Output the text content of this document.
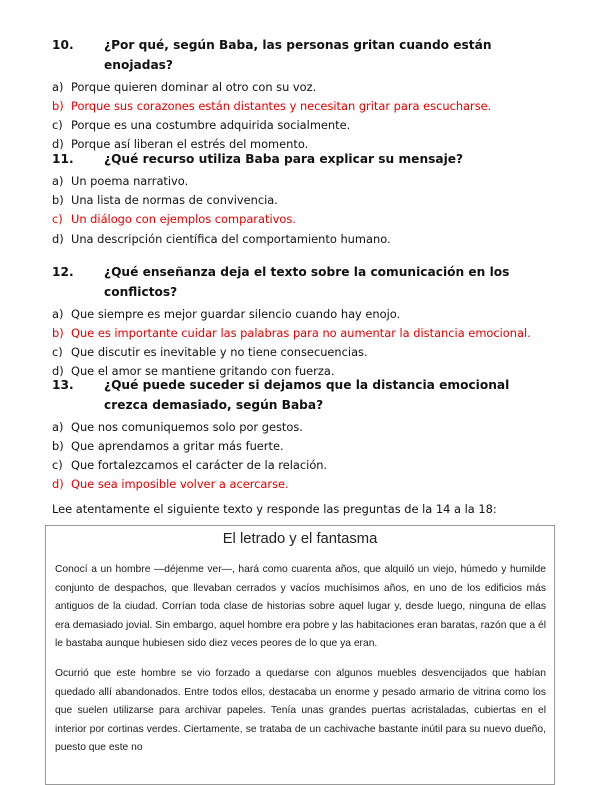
10.	¿Por qué, según Baba, las personas gritan cuando están enojadas?
a) Porque quieren dominar al otro con su voz.
b) Porque sus corazones están distantes y necesitan gritar para escucharse.
c) Porque es una costumbre adquirida socialmente.
d) Porque así liberan el estrés del momento.
11.	¿Qué recurso utiliza Baba para explicar su mensaje?
a) Un poema narrativo.
b) Una lista de normas de convivencia.
c) Un diálogo con ejemplos comparativos.
d) Una descripción científica del comportamiento humano.
12.	¿Qué enseñanza deja el texto sobre la comunicación en los conflictos?
a) Que siempre es mejor guardar silencio cuando hay enojo.
b) Que es importante cuidar las palabras para no aumentar la distancia emocional.
c) Que discutir es inevitable y no tiene consecuencias.
d) Que el amor se mantiene gritando con fuerza.
13.	¿Qué puede suceder si dejamos que la distancia emocional crezca demasiado, según Baba?
a) Que nos comuniquemos solo por gestos.
b) Que aprendamos a gritar más fuerte.
c) Que fortalezcamos el carácter de la relación.
d) Que sea imposible volver a acercarse.
Lee atentamente el siguiente texto y responde las preguntas de la 14 a la 18:
El letrado y el fantasma

Conocí a un hombre —déjenme ver—, hará como cuarenta años, que alquiló un viejo, húmedo y humilde conjunto de despachos, que llevaban cerrados y vacíos muchísimos años, en uno de los edificios más antiguos de la ciudad. Corrían toda clase de historias sobre aquel lugar y, desde luego, ninguna de ellas era demasiado jovial. Sin embargo, aquel hombre era pobre y las habitaciones eran baratas, razón que a él le bastaba aunque hubiesen sido diez veces peores de lo que ya eran.

Ocurrió que este hombre se vio forzado a quedarse con algunos muebles desvencijados que habían quedado allí abandonados. Entre todos ellos, destacaba un enorme y pesado armario de vitrina como los que suelen utilizarse para archivar papeles. Tenía unas grandes puertas acristaladas, cubiertas en el interior por cortinas verdes. Ciertamente, se trataba de un cachivache bastante inútil para su nuevo dueño, puesto que este no
